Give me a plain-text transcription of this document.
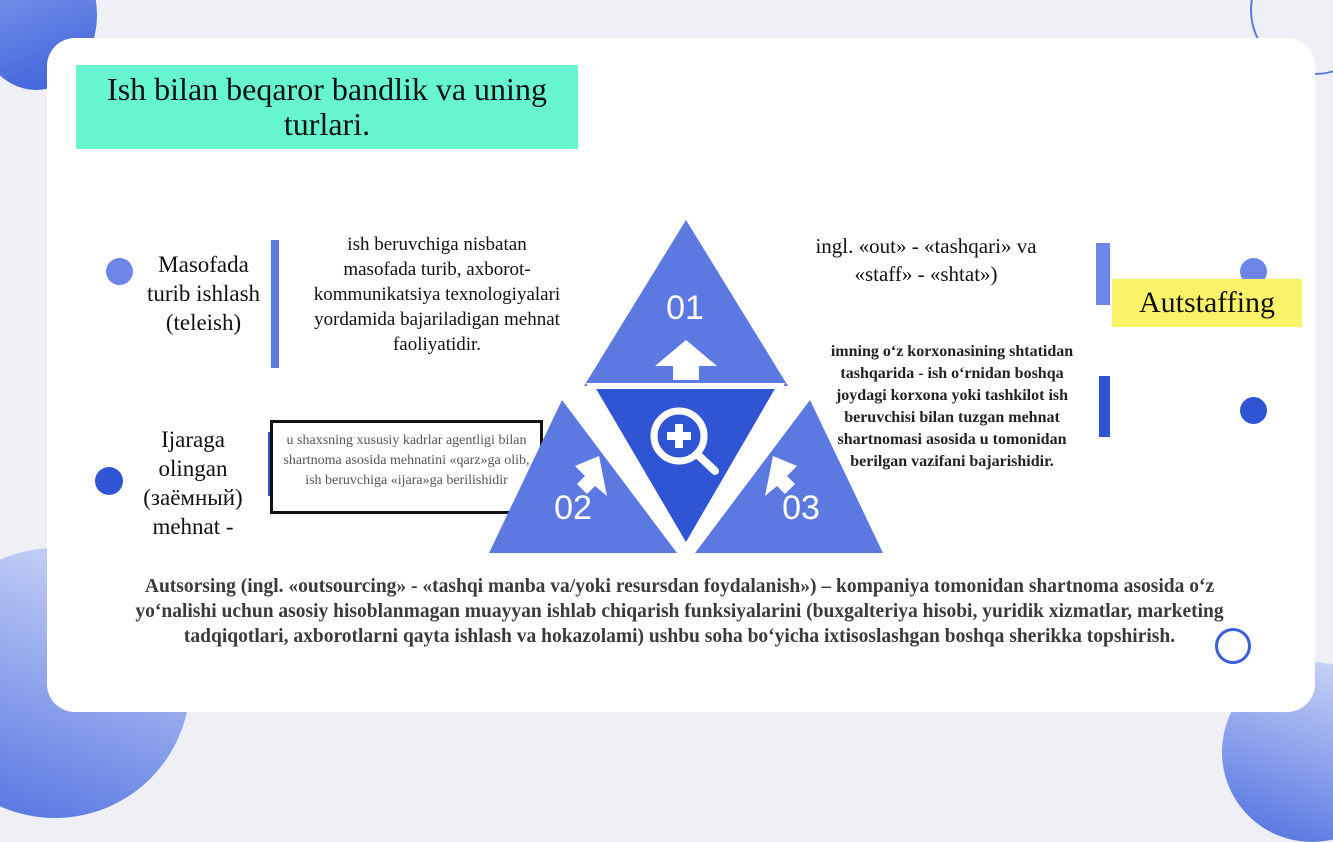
Ish bilan beqaror bandlik va uning turlari.
Masofada turib ishlash (teleish)
ish beruvchiga nisbatan masofada turib, axborot-kommunikatsiya texnologiyalari yordamida bajariladigan mehnat faoliyatidir.
Ijaraga olingan (заёмный) mehnat -
u shaxsning xususiy kadrlar agentligi bilan shartnoma asosida mehnatini «qarz»ga olib, ish beruvchiga «ijara»ga berilishidir
01
02	03
ingl. «out» - «tashqari» va «staff» - «shtat»)
Autstaffing
imning o‘z korxonasining shtatidan tashqarida - ish o‘rnidan boshqa joydagi korxona yoki tashkilot ish beruvchisi bilan tuzgan mehnat shartnomasi asosida u tomonidan berilgan vazifani bajarishidir.
Autsorsing (ingl. «outsourcing» - «tashqi manba va/yoki resursdan foydalanish») – kompaniya tomonidan shartnoma asosida o‘z yo‘nalishi uchun asosiy hisoblanmagan muayyan ishlab chiqarish funksiyalarini (buxgalteriya hisobi, yuridik xizmatlar, marketing tadqiqotlari, axborotlarni qayta ishlash va hokazolami) ushbu soha bo‘yicha ixtisoslashgan boshqa sherikka topshirish.
